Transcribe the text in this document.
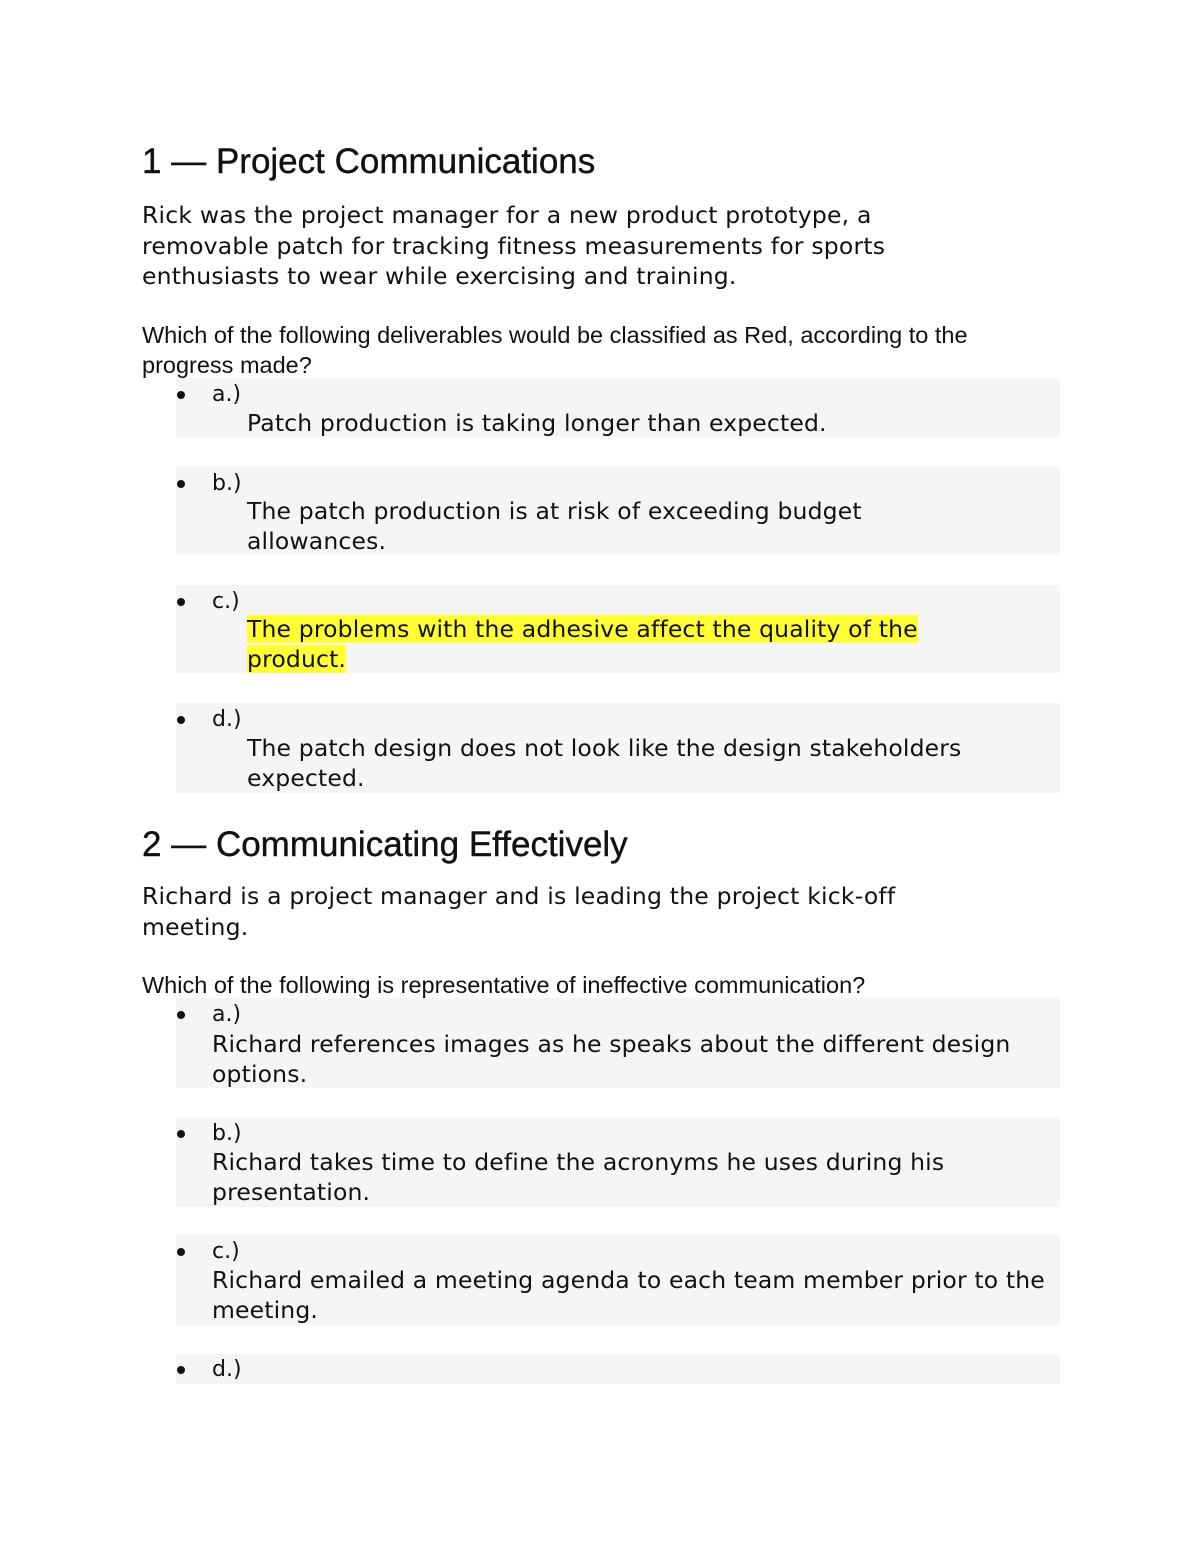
1 — Project Communications

Rick was the project manager for a new product prototype, a removable patch for tracking fitness measurements for sports enthusiasts to wear while exercising and training.

Which of the following deliverables would be classified as Red, according to the progress made?

a.)
Patch production is taking longer than expected.
b.)
The patch production is at risk of exceeding budget allowances.
c.)
The problems with the adhesive affect the quality of the product.
d.)
The patch design does not look like the design stakeholders expected.
2 — Communicating Effectively

Richard is a project manager and is leading the project kick-off meeting.

Which of the following is representative of ineffective communication?

a.)
Richard references images as he speaks about the different design options.
b.)
Richard takes time to define the acronyms he uses during his presentation.
c.)
Richard emailed a meeting agenda to each team member prior to the meeting.
d.)
